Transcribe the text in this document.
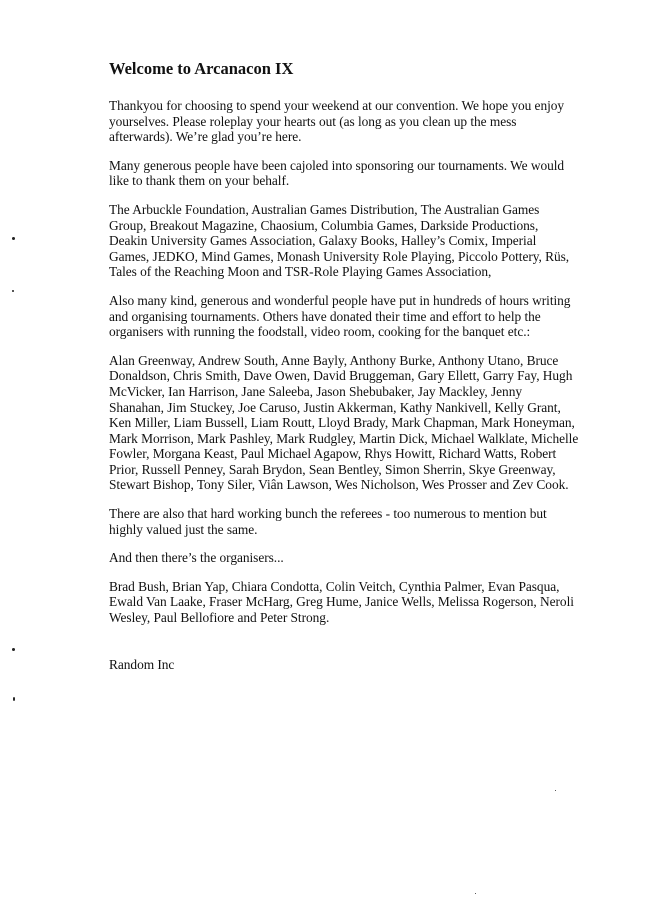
Welcome to Arcanacon IX

Thankyou for choosing to spend your weekend at our convention. We hope you enjoy yourselves. Please roleplay your hearts out (as long as you clean up the mess afterwards). We’re glad you’re here.

Many generous people have been cajoled into sponsoring our tournaments. We would like to thank them on your behalf.

The Arbuckle Foundation, Australian Games Distribution, The Australian Games Group, Breakout Magazine, Chaosium, Columbia Games, Darkside Productions, Deakin University Games Association, Galaxy Books, Halley’s Comix, Imperial Games, JEDKO, Mind Games, Monash University Role Playing, Piccolo Pottery, Rüs, Tales of the Reaching Moon and TSR-Role Playing Games Association,

Also many kind, generous and wonderful people have put in hundreds of hours writing and organising tournaments. Others have donated their time and effort to help the organisers with running the foodstall, video room, cooking for the banquet etc.:

Alan Greenway, Andrew South, Anne Bayly, Anthony Burke, Anthony Utano, Bruce Donaldson, Chris Smith, Dave Owen, David Bruggeman, Gary Ellett, Garry Fay, Hugh McVicker, Ian Harrison, Jane Saleeba, Jason Shebubaker, Jay Mackley, Jenny Shanahan, Jim Stuckey, Joe Caruso, Justin Akkerman, Kathy Nankivell, Kelly Grant, Ken Miller, Liam Bussell, Liam Routt, Lloyd Brady, Mark Chapman, Mark Honeyman, Mark Morrison, Mark Pashley, Mark Rudgley, Martin Dick, Michael Walklate, Michelle Fowler, Morgana Keast, Paul Michael Agapow, Rhys Howitt, Richard Watts, Robert Prior, Russell Penney, Sarah Brydon, Sean Bentley, Simon Sherrin, Skye Greenway, Stewart Bishop, Tony Siler, Viân Lawson, Wes Nicholson, Wes Prosser and Zev Cook.

There are also that hard working bunch the referees - too numerous to mention but highly valued just the same.

And then there’s the organisers...

Brad Bush, Brian Yap, Chiara Condotta, Colin Veitch, Cynthia Palmer, Evan Pasqua, Ewald Van Laake, Fraser McHarg, Greg Hume, Janice Wells, Melissa Rogerson, Neroli Wesley, Paul Bellofiore and Peter Strong.

Random Inc
